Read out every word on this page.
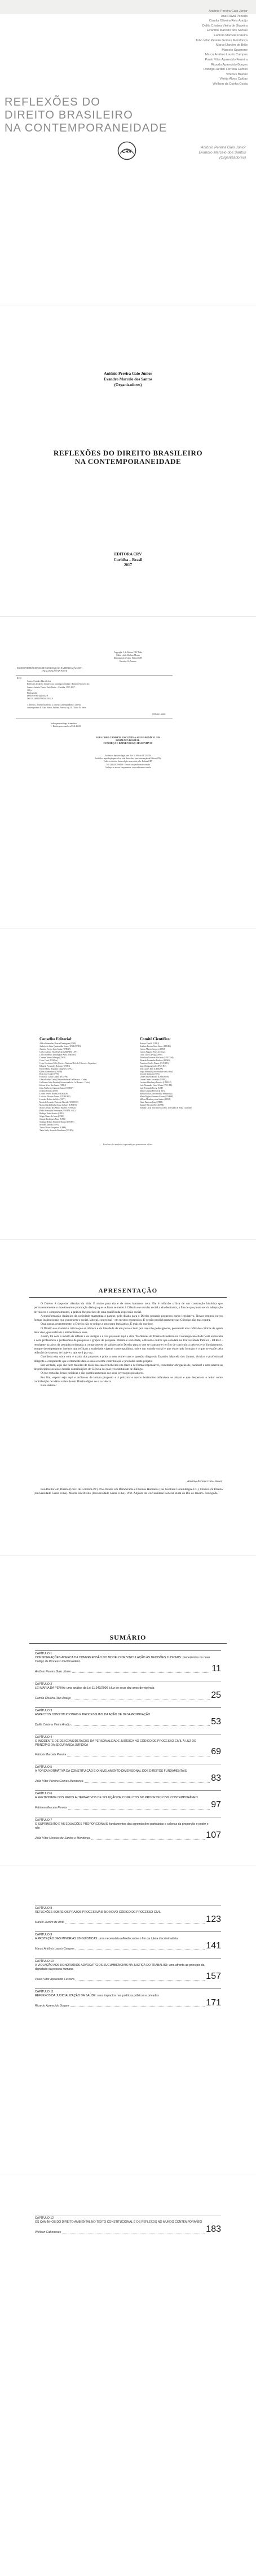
Antônio Pereira Gaio Júnior
Ana Flávia Penedo
Camila Oliveira Reis Araújo
Dalila Cristina Vieira de Siqueira
Evandro Marcelo dos Santos
Fabíola Marcela Pereira
João Vítor Pereira Gomes Mendonça
Marcel Jardim de Brito
Marcelo Sguerone
Marco Antônio Laurio Campos
Paulo Vítor Aparecido Ferreira
Ricardo Aparecido Borges
Rodrigo Jardim Ferreira Camilo
Vinícius Bastos
Vitória Alves Caldas
Wellson da Cunha Costa
REFLEXÕES DO
DIREITO BRASILEIRO
NA CONTEMPORANEIDADE
CRV
Antônio Pereira Gaio Júnior
Evandro Marcelo dos Santos
(Organizadores)
Antônio Pereira Gaio Júnior
Evandro Marcelo dos Santos
(Organizadores)
REFLEXÕES DO DIREITO BRASILEIRO
NA CONTEMPORANEIDADE
EDITORA CRV
Curitiba – Brasil
2017
Copyright © da Editora CRV Ltda.
Editor-chefe: Railson Moura
Diagramação e Capa: Editora CRV
Revisão: Os Autores
DADOS INTERNACIONAIS DE CATALOGAÇÃO NA PUBLICAÇÃO (CIP)
CATALOGAÇÃO NA FONTE
R332
Santos, Evandro Marcelo dos
Reflexões do direito brasileiro na contemporaneidade / Evandro Marcelo dos
Santos, Antônio Pereira Gaio Júnior – Curitiba: CRV, 2017.
140 p.
Bibliografia
ISBN 978-85-444-1652-9
DOI 10.24824/978854441652.9
1. Direito 2. Direito brasileiro 3. Direito Contemporâneo I. Direito
contemporâneo II. Gaio Júnior, Antônio Pereira. org. III. Título IV. Série.
CDD 341.46581
Índice para catálogo sistemático
1. Direito processual civil 341.46581
ESTA OBRA TAMBÉM ENCONTRA-SE DISPONÍVEL EM
FORMATO DIGITAL.
CONHEÇA E BAIXE NOSSO APLICATIVO!
Foi feito o depósito legal conf. Lei 10.994 de 14/12/2004
Proibida a reprodução parcial ou total desta obra sem autorização da Editora CRV
Todos os direitos desta edição reservados pela: Editora CRV
Tel.: (41) 3039-6418 - E-mail: sac@editoracrv.com.br
Conheça os nossos lançamentos: www.editoracrv.com.br
Conselho Editorial:
Aldira Guimarães Duarte Domínguez (UNB)
Andréia da Silva Quintanilha Sousa (UNIR/UFRN)
Antônio Pereira Gaio Júnior (UFRRJ)
Carlos Alberto Vilar Estêvão (UMINHO – PT)
Carlos Federico Domínguez Avila (Unieuro)
Carmen Tereza Velanga (UNIR)
Celso Conti (UFSCar)
Cesar Gerónimo Tello (Univer. Nacional Três de Febrero – Argentina)
Eduardo Fernandes Barbosa (UFMG)
Elione Maria Nogueira Diogenes (UFAL)
Elizeu Clementino (UNEB)
Élsio José Corá (UFFS)
Francisco Carlos Duarte (PUC-PR)
Gloria Fariñas León (Universidade de La Havana – Cuba)
Guillermo Arias Beatón (Universidade de La Havana – Cuba)
Jailson Alves dos Santos (UFRJ)
João Adalberto Campato Junior (UNESP)
Josania Portela (UFPI)
Leonel Severo Rocha (UNISINOS)
Lídia de Oliveira Xavier (UNIEURO)
Lourdes Helena da Silva (UFV)
Maria de Lourdes Pinto de Almeida (UNOESC)
Maria Lília Imbiriba Sousa Colares (UFOPA)
Maria Cristina dos Santos Bezerra (UFSCar)
Paulo Romualdo Hernandes (UNIFAL-MG)
Rodrigo Pratte-Santos (UFES)
Sérgio Nunes de Jesus (IFRO)
Simone Rodrigues Pinto (UNB)
Solange Helena Ximenes-Rocha (UFOPA)
Sydione Santos (UEPG)
Tadeu Oliver Gonçalves (UFPA)
Tania Suely Azevedo Brasileiro (UFOPA)
Comitê Científico:
Andrea Zanella (UFRJ)
Antônio Pereira Gaio Júnior (UFRRJ)
Carlos Alberto Amparo (UFRJ)
Carlos Augusto Alves de Souza
Celso Luiz Ludwig (UFPR)
Edinilson Donisete Machado (UNIVEM)
Eduardo Fernandes Barbosa (UFMG)
Francisco Carlos Duarte (PUC-PR)
Ingo Wolfgang Sarlet (PUC-RS)
Jean Carlos Dias (CESUPA)
Jorge Miranda (Universidade de Lisboa)
Josyane Mansano (UEL)
Leonel Severo Rocha (UNISINOS)
Linara Oeiras Assunção (UFPA)
Luciana Mendonça Ferreira (UNIFAP)
Luís Alexandre Carta Winter (PUC-PR)
Luiz Fernando Rocha (USP)
Maria Cristina Pereira da Silva
Maria Rocha (Universidade de Brasília)
Marta Regina Gimenez Favaro (UNESP)
Milena Mendonça dos Santos (UFRJ)
Omar Barbosa Tomé (FEPI)
Samuel Oliveira Reis (UFRJ)
Yumara Lúcia Vasconcelos (Univ. do Estado de Santa Catarina)
Este livro foi avaliado e aprovado por pareceristas ad hoc.
APRESENTAÇÃO

O Direito é daquelas ciências da vida. É muito para ela e de seres humanos nela. Ele é reflexão crítica de um construção histórica que permanentemente o movimento e promoção dialogo que se fazer se meter à Ciência e e secular social a ela destinada, à fim de que possa servir adequação de valores e comportamentos, a prática lhe precisos de uma qualificada expressão social.

A transformação dinâmica da sociedade magnetiza o parque, pelo ditado para o Direito pensado pequenos corpo legislativo. Novos tempos, novos formas institucionais que constroem o social, laboral, contextual - em mesmo expressivo. É versão prodigiosamente nas Ciências não mas contra.

Qual pauta, recentemente, o Direito não se redute a um corpo legislativo. É mais do que isto.

O Direito é o exercício crítico que se oferece e da liberdade de um povo e bem por isso não pode ignorar, possuindo elas reflexões críticas de quem dele vive, que realizam e alimentam os seus.

Assim, foi com o intuito de refletir o de instigar e é rica possuem aqui e obra "Reflexões do Direito Brasileiro na Contemporaneidade" está elaborada e com professores e professores de pesquisas e grupos de pesquisa. Direito e sociedade, o Brasil e outros que estudam na Universidade Pública - UFRRJ - resultante na ativa da pesquisa orientada a comprometer de valores pelo Direito para o que se transporte no fito de curriculo a pétreos e os fundamentos, sempre desempenarem inteiros que reflitam a sociedade vigente contemporânea, sobre um mundo social e que encerrado formam e o que se expõe pela reflexão do sistema, de hoje e o que será pra vez.

Coordena esta obra com e maior dos prazeres e pilos a seus entrevistas e questão diagnosis Evandro Marcelo dos Santos, técnico e profissional diligente e competente que certamente dará a sua a enorme contribuição e prestadio neste projeto.

Em verdade, aqui são bem maiores de mais nas suas trincheiras em dizer a de forma responsável, com maior obrigação de, nacional e uma alterna as de princípios sociais e demais contribuições de Ciência do qual reconstituíram de diálogo.

O que recta das letras jurídicas e são questionamentos aos seus jovens pesquisadores.

Por fim, espero seja aqui e ardilosos de leitura proposto e à próxima e novos horizontes reflexivos se abram e que despertem o leitor sobre contribuição de idéias sobre de um Direito digno de sua ciência.

Bom deleito!

Antônio Pereira Gaio Júnior
Pós-Doutor em Direito (Univ. de Coimbra-PT). Pós-Doutor em Democracia e Direitos Humanos (Ius Gentium Conimbrigae-CG). Doutor em Direito (Universidade Gama Filho). Mestre em Direito (Universidade Gama Filho). Prof. Adjunto da Universidade Federal Rural do Rio de Janeiro. Advogado.
SUMÁRIO
CAPÍTULO 1
CONSIDERAÇÕES ACERCA DA COMPREENSÃO DO MODELO DE VINCULAÇÃO ÀS DECISÕES JUDICIAIS: precedentes no novo Código de Processo Civil brasileiro
Antônio Pereira Gaio Júnior	11
CAPÍTULO 2
LEI MARIA DA PENHA: uma análise da Lei 11.340/2006 à luz de seus dez anos de vigência
Camila Oliveira Reis Araújo	25
CAPÍTULO 3
ASPECTOS CONSTITUCIONAIS E PROCESSUAIS DA AÇÃO DE DESAPROPRIAÇÃO
Dalila Cristina Vieira Araújo	53
CAPÍTULO 4
O INCIDENTE DE DESCONSIDERAÇÃO DA PERSONALIDADE JURÍDICA NO CÓDIGO DE PROCESSO CIVIL À LUZ DO PRINCÍPIO DA SEGURANÇA JURÍDICA
Fabíola Marcela Pereira	69
CAPÍTULO 5
A FORÇA NORMATIVA DA CONSTITUIÇÃO E O NIVELAMENTO DIMENSIONAL DOS DIREITOS FUNDAMENTAIS
João Vítor Pereira Gomes Mendonça	83
CAPÍTULO 6
A EFETIVIDADE DOS MEIOS ALTERNATIVOS DE SOLUÇÃO DE CONFLITOS NO PROCESSO CIVIL CONTEMPORÂNEO
Fabiana Marcela Pereira	97
CAPÍTULO 7
O SUPRIMENTO E AS EQUAÇÕES PROPORCIONAIS: fundamentos das agremiações partidárias e calorias da proporção e poder e não
João Vítor Mendes de Santos e Mendonça	107
CAPÍTULO 8
REFLEXÕES SOBRE OS PRAZOS PROCESSUAIS NO NOVO CÓDIGO DE PROCESSO CIVIL
Marcel Jardim de Brito	123
CAPÍTULO 9
A PROTEÇÃO DAS MINORIAS LINGUÍSTICAS: uma necessária reflexão sobre o fim da tutela discriminatória
Marco Antônio Laurio Campos	141
CAPÍTULO 10
A VIOLAÇÃO AOS HONORÁRIOS ADVOCATÍCIOS SUCUMBENCIAIS NA JUSTIÇA DO TRABALHO: uma afronta ao princípio da dignidade da pessoa humana
Paulo Vítor Aparecido Ferreira	157
CAPÍTULO 11
REFLEXOS DA JUDICIALIZAÇÃO DA SAÚDE: seus impactos nas políticas públicas e privadas
Ricardo Aparecido Borges	171
CAPÍTULO 12
OS CAMINHOS DO DIREITO AMBIENTAL NO TEXTO CONSTITUCIONAL E OS REFLEXOS NO MUNDO CONTEMPORÂNEO
Wellson Cabonoses	183
